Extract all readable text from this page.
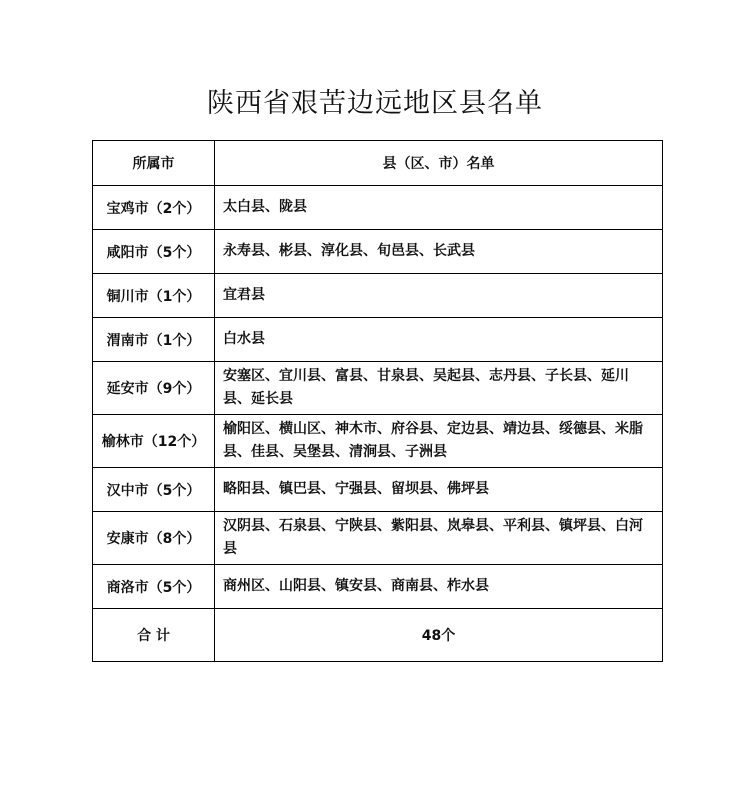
陕西省艰苦边远地区县名单
所属市	县（区、市）名单
宝鸡市（2个）	太白县、陇县
咸阳市（5个）	永寿县、彬县、淳化县、旬邑县、长武县
铜川市（1个）	宜君县
渭南市（1个）	白水县
延安市（9个）	安塞区、宜川县、富县、甘泉县、吴起县、志丹县、子长县、延川县、延长县
榆林市（12个）	榆阳区、横山区、神木市、府谷县、定边县、靖边县、绥德县、米脂县、佳县、吴堡县、清涧县、子洲县
汉中市（5个）	略阳县、镇巴县、宁强县、留坝县、佛坪县
安康市（8个）	汉阴县、石泉县、宁陕县、紫阳县、岚皋县、平利县、镇坪县、白河县
商洛市（5个）	商州区、山阳县、镇安县、商南县、柞水县
合 计	48个
